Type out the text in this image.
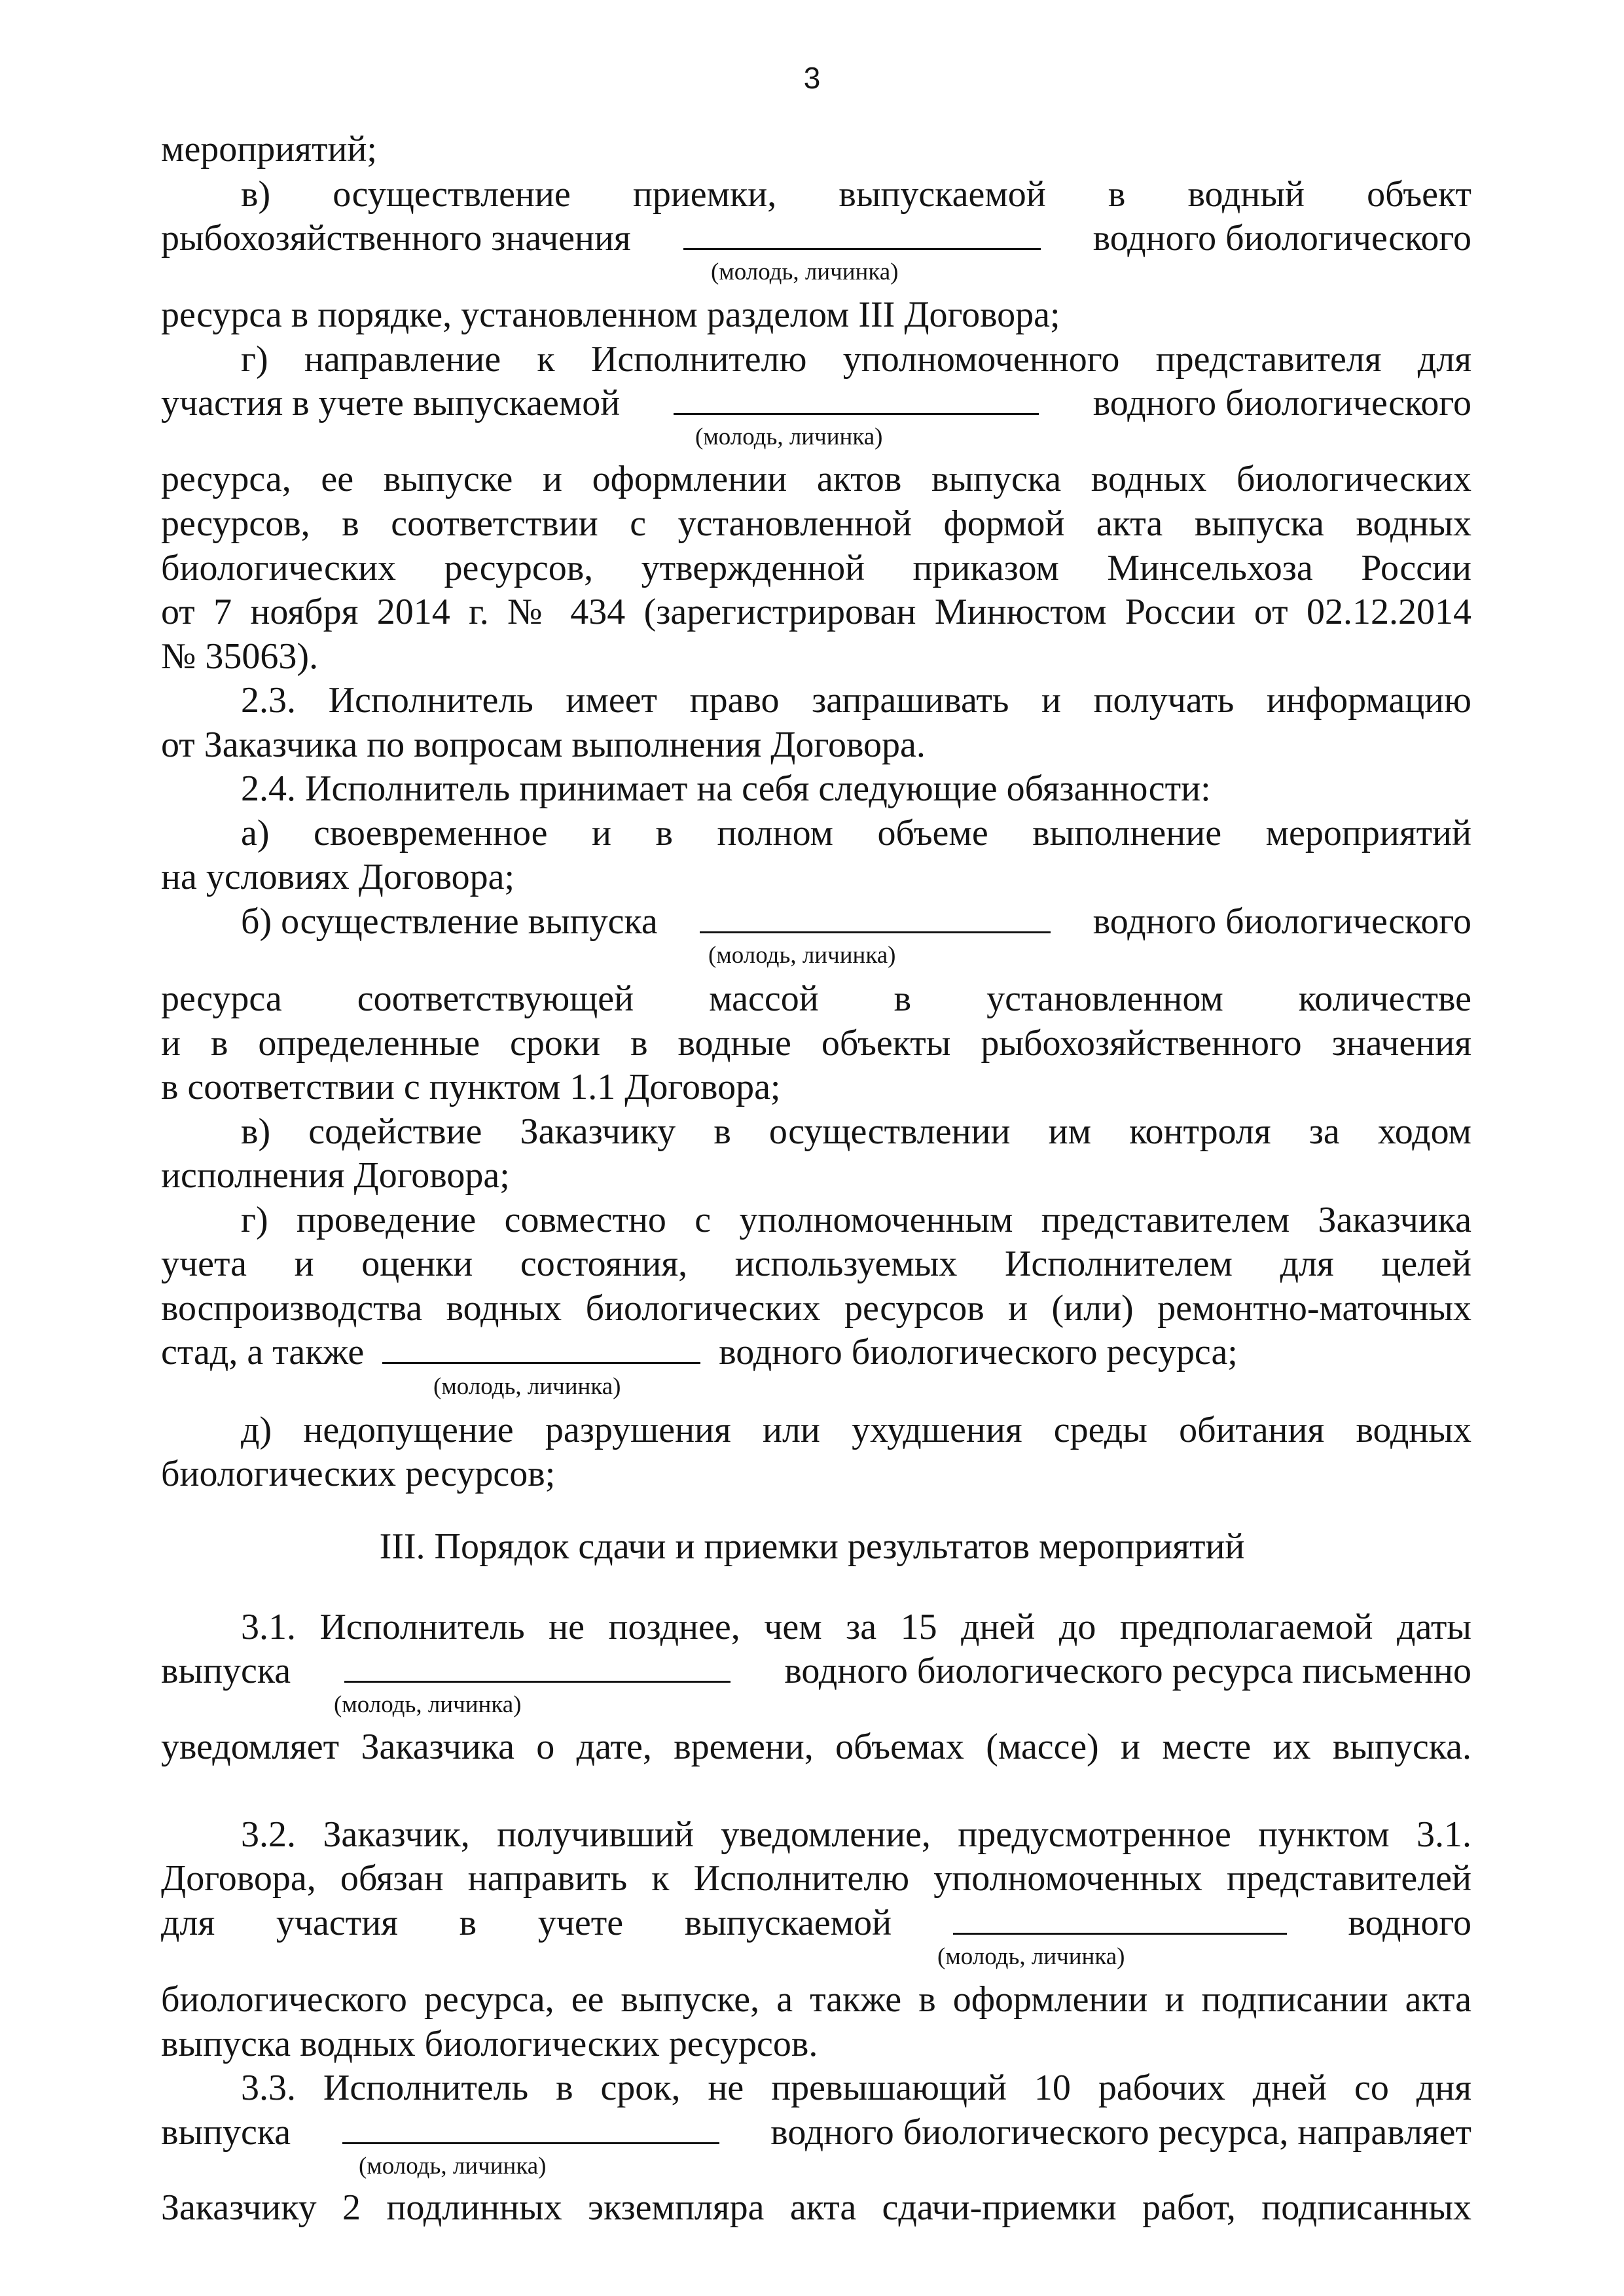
3
мероприятий;
в) осуществление приемки, выпускаемой в водный объект
рыбохозяйственного значения	водного биологического
(молодь, личинка)
ресурса в порядке, установленном разделом III Договора;
г) направление к Исполнителю уполномоченного представителя для
участия в учете выпускаемой	водного биологического
(молодь, личинка)
ресурса, ее выпуске и оформлении актов выпуска водных биологических
ресурсов, в соответствии с установленной формой акта выпуска водных
биологических ресурсов, утвержденной приказом Минсельхоза России
от 7 ноября 2014 г. № 434 (зарегистрирован Минюстом России от 02.12.2014
№ 35063).
2.3. Исполнитель имеет право запрашивать и получать информацию
от Заказчика по вопросам выполнения Договора.
2.4. Исполнитель принимает на себя следующие обязанности:
а) своевременное и в полном объеме выполнение мероприятий
на условиях Договора;
б) осуществление выпуска	водного биологического
(молодь, личинка)
ресурса соответствующей массой в установленном количестве
и в определенные сроки в водные объекты рыбохозяйственного значения
в соответствии с пунктом 1.1 Договора;
в) содействие Заказчику в осуществлении им контроля за ходом
исполнения Договора;
г) проведение совместно с уполномоченным представителем Заказчика
учета и оценки состояния, используемых Исполнителем для целей
воспроизводства водных биологических ресурсов и (или) ремонтно-маточных
стад, а также	водного биологического ресурса;
(молодь, личинка)
д) недопущение разрушения или ухудшения среды обитания водных
биологических ресурсов;
III. Порядок сдачи и приемки результатов мероприятий
3.1. Исполнитель не позднее, чем за 15 дней до предполагаемой даты
выпуска	водного биологического ресурса письменно
(молодь, личинка)
уведомляет Заказчика о дате, времени, объемах (массе) и месте их выпуска.
3.2. Заказчик, получивший уведомление, предусмотренное пунктом 3.1.
Договора, обязан направить к Исполнителю уполномоченных представителей
для участия в учете выпускаемой	водного
(молодь, личинка)
биологического ресурса, ее выпуске, а также в оформлении и подписании акта
выпуска водных биологических ресурсов.
3.3. Исполнитель в срок, не превышающий 10 рабочих дней со дня
выпуска	водного биологического ресурса, направляет
(молодь, личинка)
Заказчику 2 подлинных экземпляра акта сдачи-приемки работ, подписанных
